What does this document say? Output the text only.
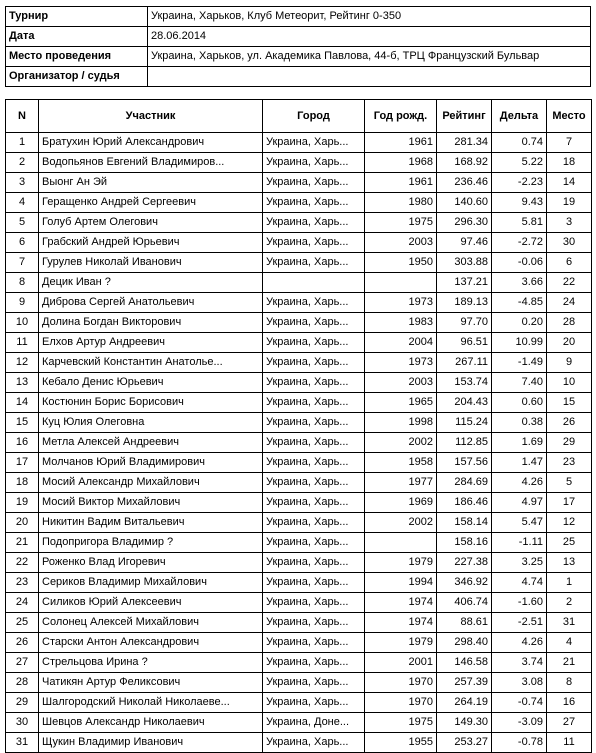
Турнир	Украина, Харьков, Клуб Метеорит, Рейтинг 0-350
Дата	28.06.2014
Место проведения	Украина, Харьков, ул. Академика Павлова, 44-б, ТРЦ Французский Бульвар
Организатор / судья	
N	Участник	Город	Год рожд.	Рейтинг	Дельта	Место
1	Братухин Юрий Александрович	Украина, Харь...	1961	281.34	0.74	7
2	Водопьянов Евгений Владимиров...	Украина, Харь...	1968	168.92	5.22	18
3	Выонг Ан Эй	Украина, Харь...	1961	236.46	-2.23	14
4	Геращенко Андрей Сергеевич	Украина, Харь...	1980	140.60	9.43	19
5	Голуб Артем Олегович	Украина, Харь...	1975	296.30	5.81	3
6	Грабский Андрей Юрьевич	Украина, Харь...	2003	97.46	-2.72	30
7	Гурулев Николай Иванович	Украина, Харь...	1950	303.88	-0.06	6
8	Децик Иван ?			137.21	3.66	22
9	Диброва Сергей Анатольевич	Украина, Харь...	1973	189.13	-4.85	24
10	Долина Богдан Викторович	Украина, Харь...	1983	97.70	0.20	28
11	Елхов Артур Андреевич	Украина, Харь...	2004	96.51	10.99	20
12	Карчевский Константин Анатолье...	Украина, Харь...	1973	267.11	-1.49	9
13	Кебало Денис Юрьевич	Украина, Харь...	2003	153.74	7.40	10
14	Костюнин Борис Борисович	Украина, Харь...	1965	204.43	0.60	15
15	Куц Юлия Олеговна	Украина, Харь...	1998	115.24	0.38	26
16	Метла Алексей Андреевич	Украина, Харь...	2002	112.85	1.69	29
17	Молчанов Юрий Владимирович	Украина, Харь...	1958	157.56	1.47	23
18	Мосий Александр Михайлович	Украина, Харь...	1977	284.69	4.26	5
19	Мосий Виктор Михайлович	Украина, Харь...	1969	186.46	4.97	17
20	Никитин Вадим Витальевич	Украина, Харь...	2002	158.14	5.47	12
21	Подопригора Владимир ?	Украина, Харь...		158.16	-1.11	25
22	Роженко Влад Игоревич	Украина, Харь...	1979	227.38	3.25	13
23	Сериков Владимир Михайлович	Украина, Харь...	1994	346.92	4.74	1
24	Силиков Юрий Алексеевич	Украина, Харь...	1974	406.74	-1.60	2
25	Солонец Алексей Михайлович	Украина, Харь...	1974	88.61	-2.51	31
26	Старски Антон Александрович	Украина, Харь...	1979	298.40	4.26	4
27	Стрельцова Ирина ?	Украина, Харь...	2001	146.58	3.74	21
28	Чатикян Артур Феликсович	Украина, Харь...	1970	257.39	3.08	8
29	Шалгородский Николай Николаеве...	Украина, Харь...	1970	264.19	-0.74	16
30	Шевцов Александр Николаевич	Украина, Доне...	1975	149.30	-3.09	27
31	Щукин Владимир Иванович	Украина, Харь...	1955	253.27	-0.78	11
